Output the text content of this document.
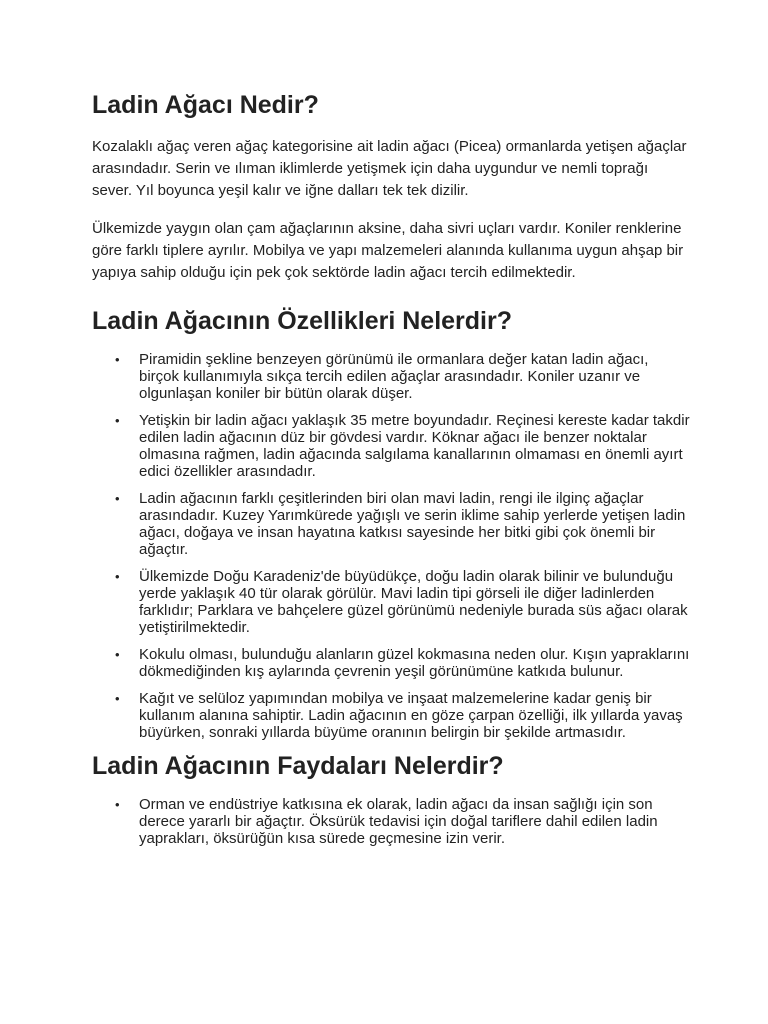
Ladin Ağacı Nedir?

Kozalaklı ağaç veren ağaç kategorisine ait ladin ağacı (Picea) ormanlarda yetişen ağaçlar arasındadır. Serin ve ılıman iklimlerde yetişmek için daha uygundur ve nemli toprağı sever. Yıl boyunca yeşil kalır ve iğne dalları tek tek dizilir.

Ülkemizde yaygın olan çam ağaçlarının aksine, daha sivri uçları vardır. Koniler renklerine göre farklı tiplere ayrılır. Mobilya ve yapı malzemeleri alanında kullanıma uygun ahşap bir yapıya sahip olduğu için pek çok sektörde ladin ağacı tercih edilmektedir.

Ladin Ağacının Özellikleri Nelerdir?
• Piramidin şekline benzeyen görünümü ile ormanlara değer katan ladin ağacı, birçok kullanımıyla sıkça tercih edilen ağaçlar arasındadır. Koniler uzanır ve olgunlaşan koniler bir bütün olarak düşer.
• Yetişkin bir ladin ağacı yaklaşık 35 metre boyundadır. Reçinesi kereste kadar takdir edilen ladin ağacının düz bir gövdesi vardır. Köknar ağacı ile benzer noktalar olmasına rağmen, ladin ağacında salgılama kanallarının olmaması en önemli ayırt edici özellikler arasındadır.
• Ladin ağacının farklı çeşitlerinden biri olan mavi ladin, rengi ile ilginç ağaçlar arasındadır. Kuzey Yarımkürede yağışlı ve serin iklime sahip yerlerde yetişen ladin ağacı, doğaya ve insan hayatına katkısı sayesinde her bitki gibi çok önemli bir ağaçtır.
• Ülkemizde Doğu Karadeniz'de büyüdükçe, doğu ladin olarak bilinir ve bulunduğu yerde yaklaşık 40 tür olarak görülür. Mavi ladin tipi görseli ile diğer ladinlerden farklıdır; Parklara ve bahçelere güzel görünümü nedeniyle burada süs ağacı olarak yetiştirilmektedir.
• Kokulu olması, bulunduğu alanların güzel kokmasına neden olur. Kışın yapraklarını dökmediğinden kış aylarında çevrenin yeşil görünümüne katkıda bulunur.
• Kağıt ve selüloz yapımından mobilya ve inşaat malzemelerine kadar geniş bir kullanım alanına sahiptir. Ladin ağacının en göze çarpan özelliği, ilk yıllarda yavaş büyürken, sonraki yıllarda büyüme oranının belirgin bir şekilde artmasıdır.
Ladin Ağacının Faydaları Nelerdir?
• Orman ve endüstriye katkısına ek olarak, ladin ağacı da insan sağlığı için son derece yararlı bir ağaçtır. Öksürük tedavisi için doğal tariflere dahil edilen ladin yaprakları, öksürüğün kısa sürede geçmesine izin verir.
